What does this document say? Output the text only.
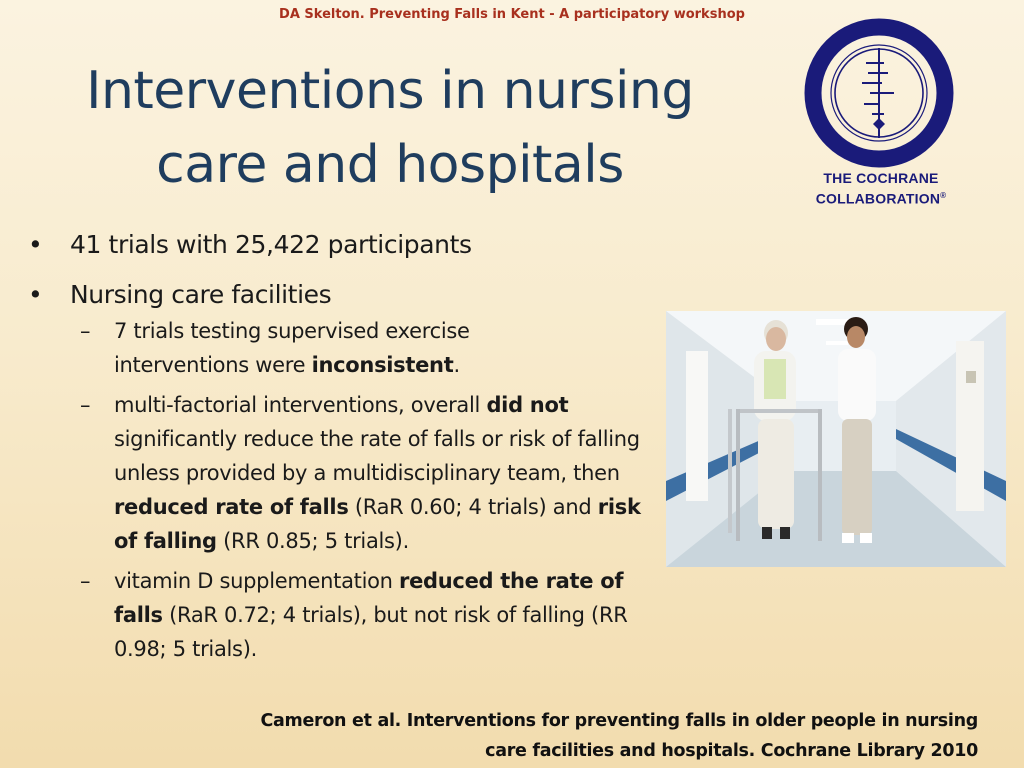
DA Skelton. Preventing Falls in Kent - A participatory workshop
Interventions in nursing
care and hospitals	THE COCHRANE
COLLABORATION®
• 41 trials with 25,422 participants
• Nursing care facilities
– 7 trials testing supervised exercise interventions were inconsistent.
– multi-factorial interventions, overall did not significantly reduce the rate of falls or risk of falling unless provided by a multidisciplinary team, then reduced rate of falls (RaR 0.60; 4 trials) and risk of falling (RR 0.85; 5 trials).
– vitamin D supplementation reduced the rate of falls (RaR 0.72; 4 trials), but not risk of falling (RR 0.98; 5 trials).
Cameron et al. Interventions for preventing falls in older people in nursing
care facilities and hospitals. Cochrane Library 2010
